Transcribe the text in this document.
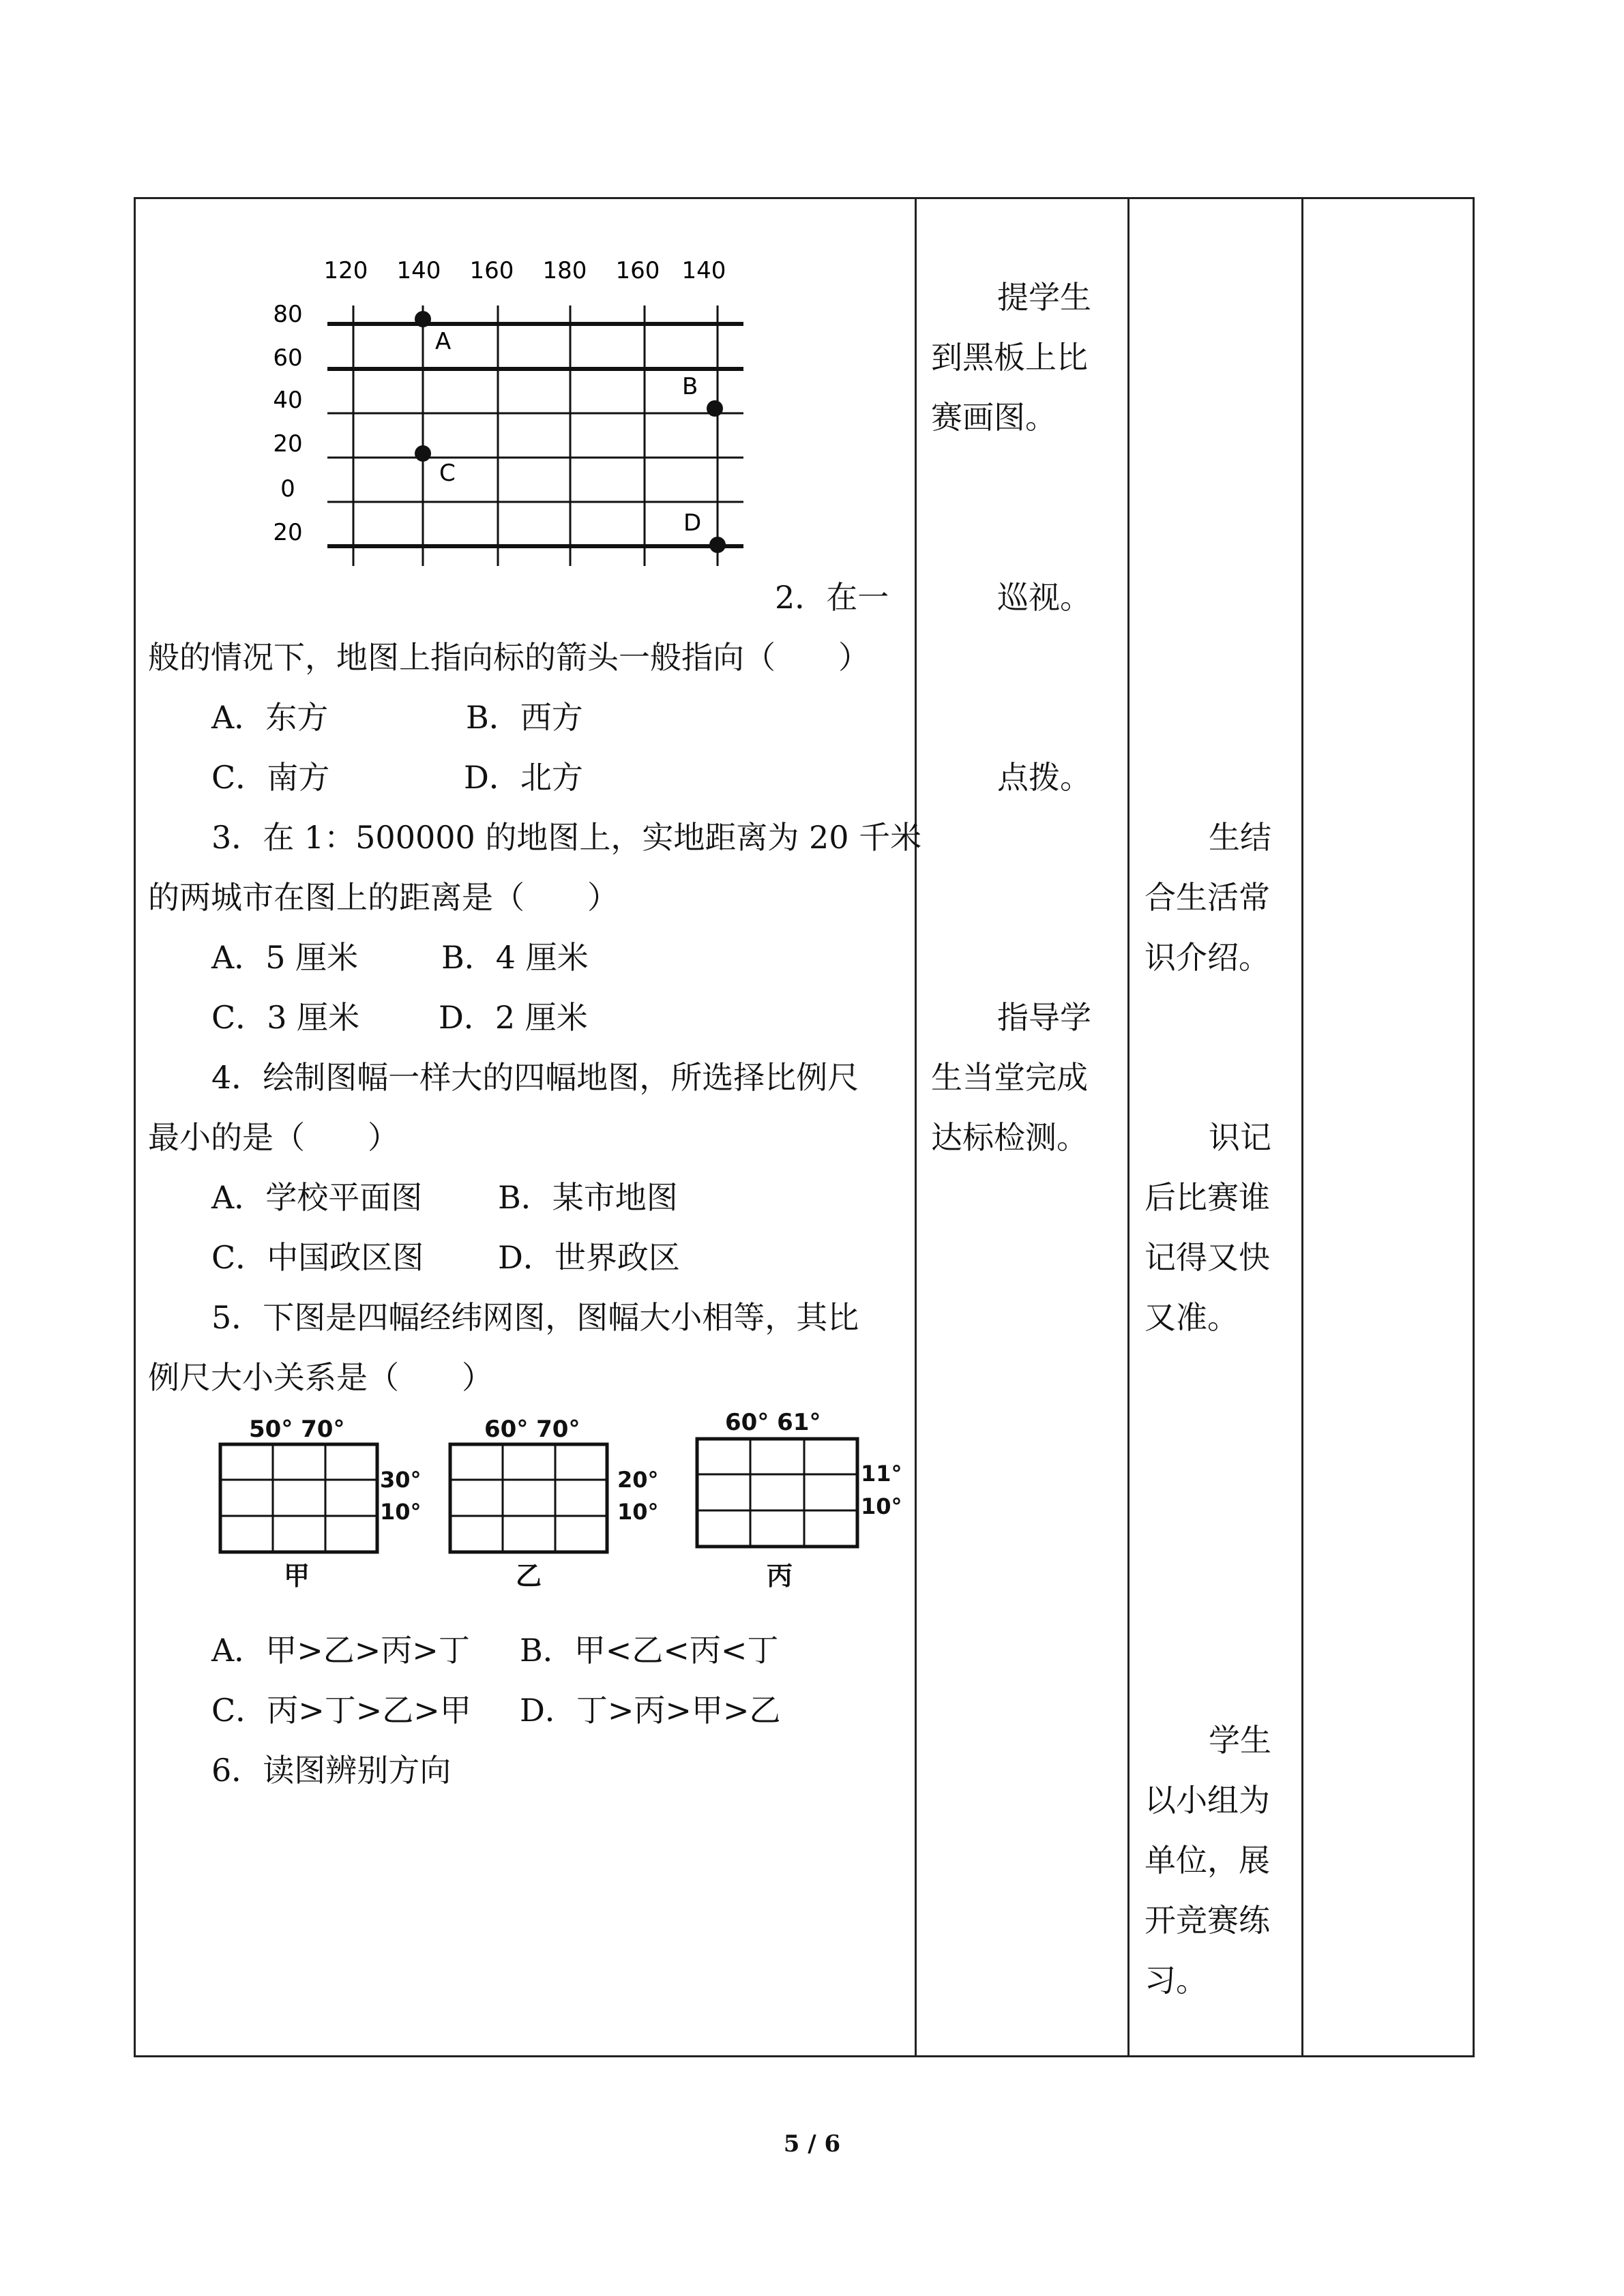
120 140 160 180 160 140
80
60
40
20
0
20
A
B
C
D
2．在一
般的情况下，地图上指向标的箭头一般指向（　　）
A．东方	B．西方
C．南方	D．北方
3．在 1：500000 的地图上，实地距离为 20 千米
的两城市在图上的距离是（　　）
A．5 厘米	B．4 厘米
C．3 厘米	D．2 厘米
4．绘制图幅一样大的四幅地图，所选择比例尺
最小的是（　　）
A．学校平面图 B．某市地图
C．中国政区图 D．世界政区
5．下图是四幅经纬网图，图幅大小相等，其比
例尺大小关系是（　　）
50° 70°
30°
10°
甲
60° 70°
20°
10°
乙
60° 61°
11°
10°
丙
A．甲>乙>丙>丁 B．甲<乙<丙<丁
C．丙>丁>乙>甲 D．丁>丙>甲>乙
6．读图辨别方向
提学生
到黑板上比
赛画图。
巡视。
点拨。
指导学
生当堂完成
达标检测。
生结
合生活常
识介绍。
识记
后比赛谁
记得又快
又准。
学生
以小组为
单位，展
开竞赛练
习。
5 / 6
